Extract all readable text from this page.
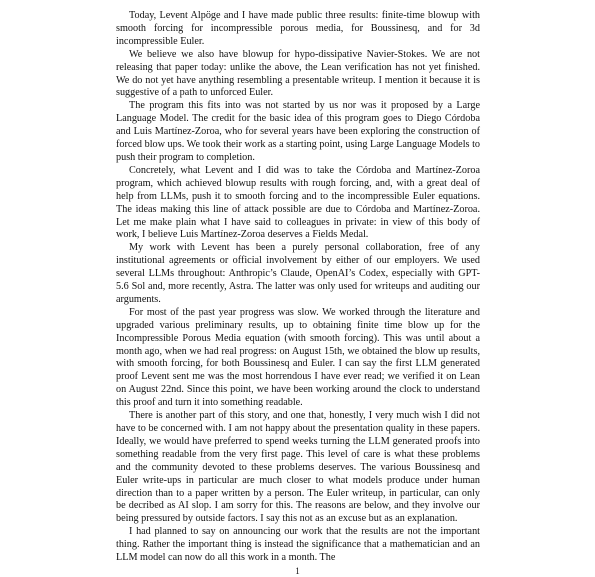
Today, Levent Alpöge and I have made public three results: finite-time blowup with smooth forcing for incompressible porous media, for Boussinesq, and for 3d incompressible Euler.

We believe we also have blowup for hypo-dissipative Navier-Stokes. We are not releasing that paper today: unlike the above, the Lean verification has not yet finished. We do not yet have anything resembling a presentable writeup. I mention it because it is suggestive of a path to unforced Euler.

The program this fits into was not started by us nor was it proposed by a Large Language Model. The credit for the basic idea of this program goes to Diego Córdoba and Luis Martínez-Zoroa, who for several years have been exploring the construction of forced blow ups. We took their work as a starting point, using Large Language Models to push their program to completion.

Concretely, what Levent and I did was to take the Córdoba and Martínez-Zoroa program, which achieved blowup results with rough forcing, and, with a great deal of help from LLMs, push it to smooth forcing and to the incompressible Euler equations. The ideas making this line of attack possible are due to Córdoba and Martínez-Zoroa. Let me make plain what I have said to colleagues in private: in view of this body of work, I believe Luis Martínez-Zoroa deserves a Fields Medal.

My work with Levent has been a purely personal collaboration, free of any institutional agreements or official involvement by either of our employers. We used several LLMs throughout: Anthropic’s Claude, OpenAI’s Codex, especially with GPT-5.6 Sol and, more recently, Astra. The latter was only used for writeups and auditing our arguments.

For most of the past year progress was slow. We worked through the literature and upgraded various preliminary results, up to obtaining finite time blow up for the Incompressible Porous Media equation (with smooth forcing). This was until about a month ago, when we had real progress: on August 15th, we obtained the blow up results, with smooth forcing, for both Boussinesq and Euler. I can say the first LLM generated proof Levent sent me was the most horrendous I have ever read; we verified it on Lean on August 22nd. Since this point, we have been working around the clock to understand this proof and turn it into something readable.

There is another part of this story, and one that, honestly, I very much wish I did not have to be concerned with. I am not happy about the presentation quality in these papers. Ideally, we would have preferred to spend weeks turning the LLM generated proofs into something readable from the very first page. This level of care is what these problems and the community devoted to these problems deserves. The various Boussinesq and Euler write-ups in particular are much closer to what models produce under human direction than to a paper written by a person. The Euler writeup, in particular, can only be decribed as AI slop. I am sorry for this. The reasons are below, and they involve our being pressured by outside factors. I say this not as an excuse but as an explanation.

I had planned to say on announcing our work that the results are not the important thing. Rather the important thing is instead the significance that a mathematician and an LLM model can now do all this work in a month. The

1
